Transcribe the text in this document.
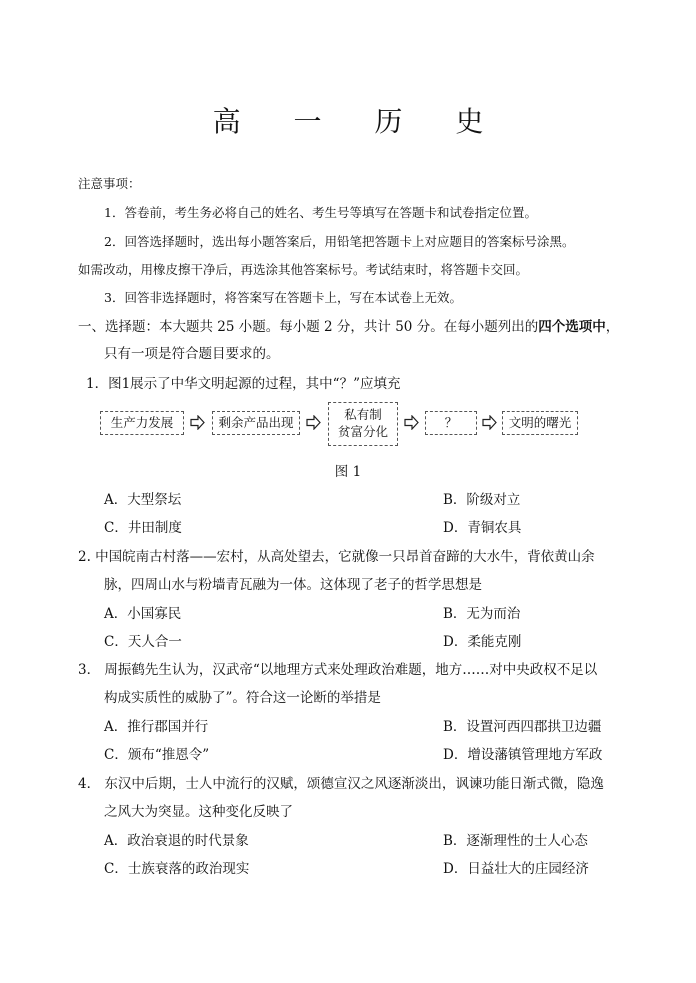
高 一 历 史
注意事项：
1．答卷前，考生务必将自己的姓名、考生号等填写在答题卡和试卷指定位置。
2．回答选择题时，选出每小题答案后，用铅笔把答题卡上对应题目的答案标号涂黑。
如需改动，用橡皮擦干净后，再选涂其他答案标号。考试结束时，将答题卡交回。
3．回答非选择题时，将答案写在答题卡上，写在本试卷上无效。
一、选择题：本大题共 25 小题。每小题 2 分，共计 50 分。在每小题列出的四个选项中，
只有一项是符合题目要求的。
1．图1展示了中华文明起源的过程，其中“？”应填充
生产力发展	剩余产品出现	私有制
贫富分化
？	文明的曙光
图 1
A．大型祭坛	B．阶级对立
C．井田制度	D．青铜农具
2. 中国皖南古村落——宏村，从高处望去，它就像一只昂首奋蹄的大水牛，背依黄山余
脉，四周山水与粉墙青瓦融为一体。这体现了老子的哲学思想是
A．小国寡民	B．无为而治
C．天人合一	D．柔能克刚
3． 周振鹤先生认为，汉武帝“以地理方式来处理政治难题，地方……对中央政权不足以
构成实质性的威胁了”。符合这一论断的举措是
A．推行郡国并行	B．设置河西四郡拱卫边疆
C．颁布“推恩令”	D．增设藩镇管理地方军政
4． 东汉中后期，士人中流行的汉赋，颂德宣汉之风逐渐淡出，讽谏功能日渐式微，隐逸
之风大为突显。这种变化反映了
A．政治衰退的时代景象	B．逐渐理性的士人心态
C．士族衰落的政治现实	D．日益壮大的庄园经济
